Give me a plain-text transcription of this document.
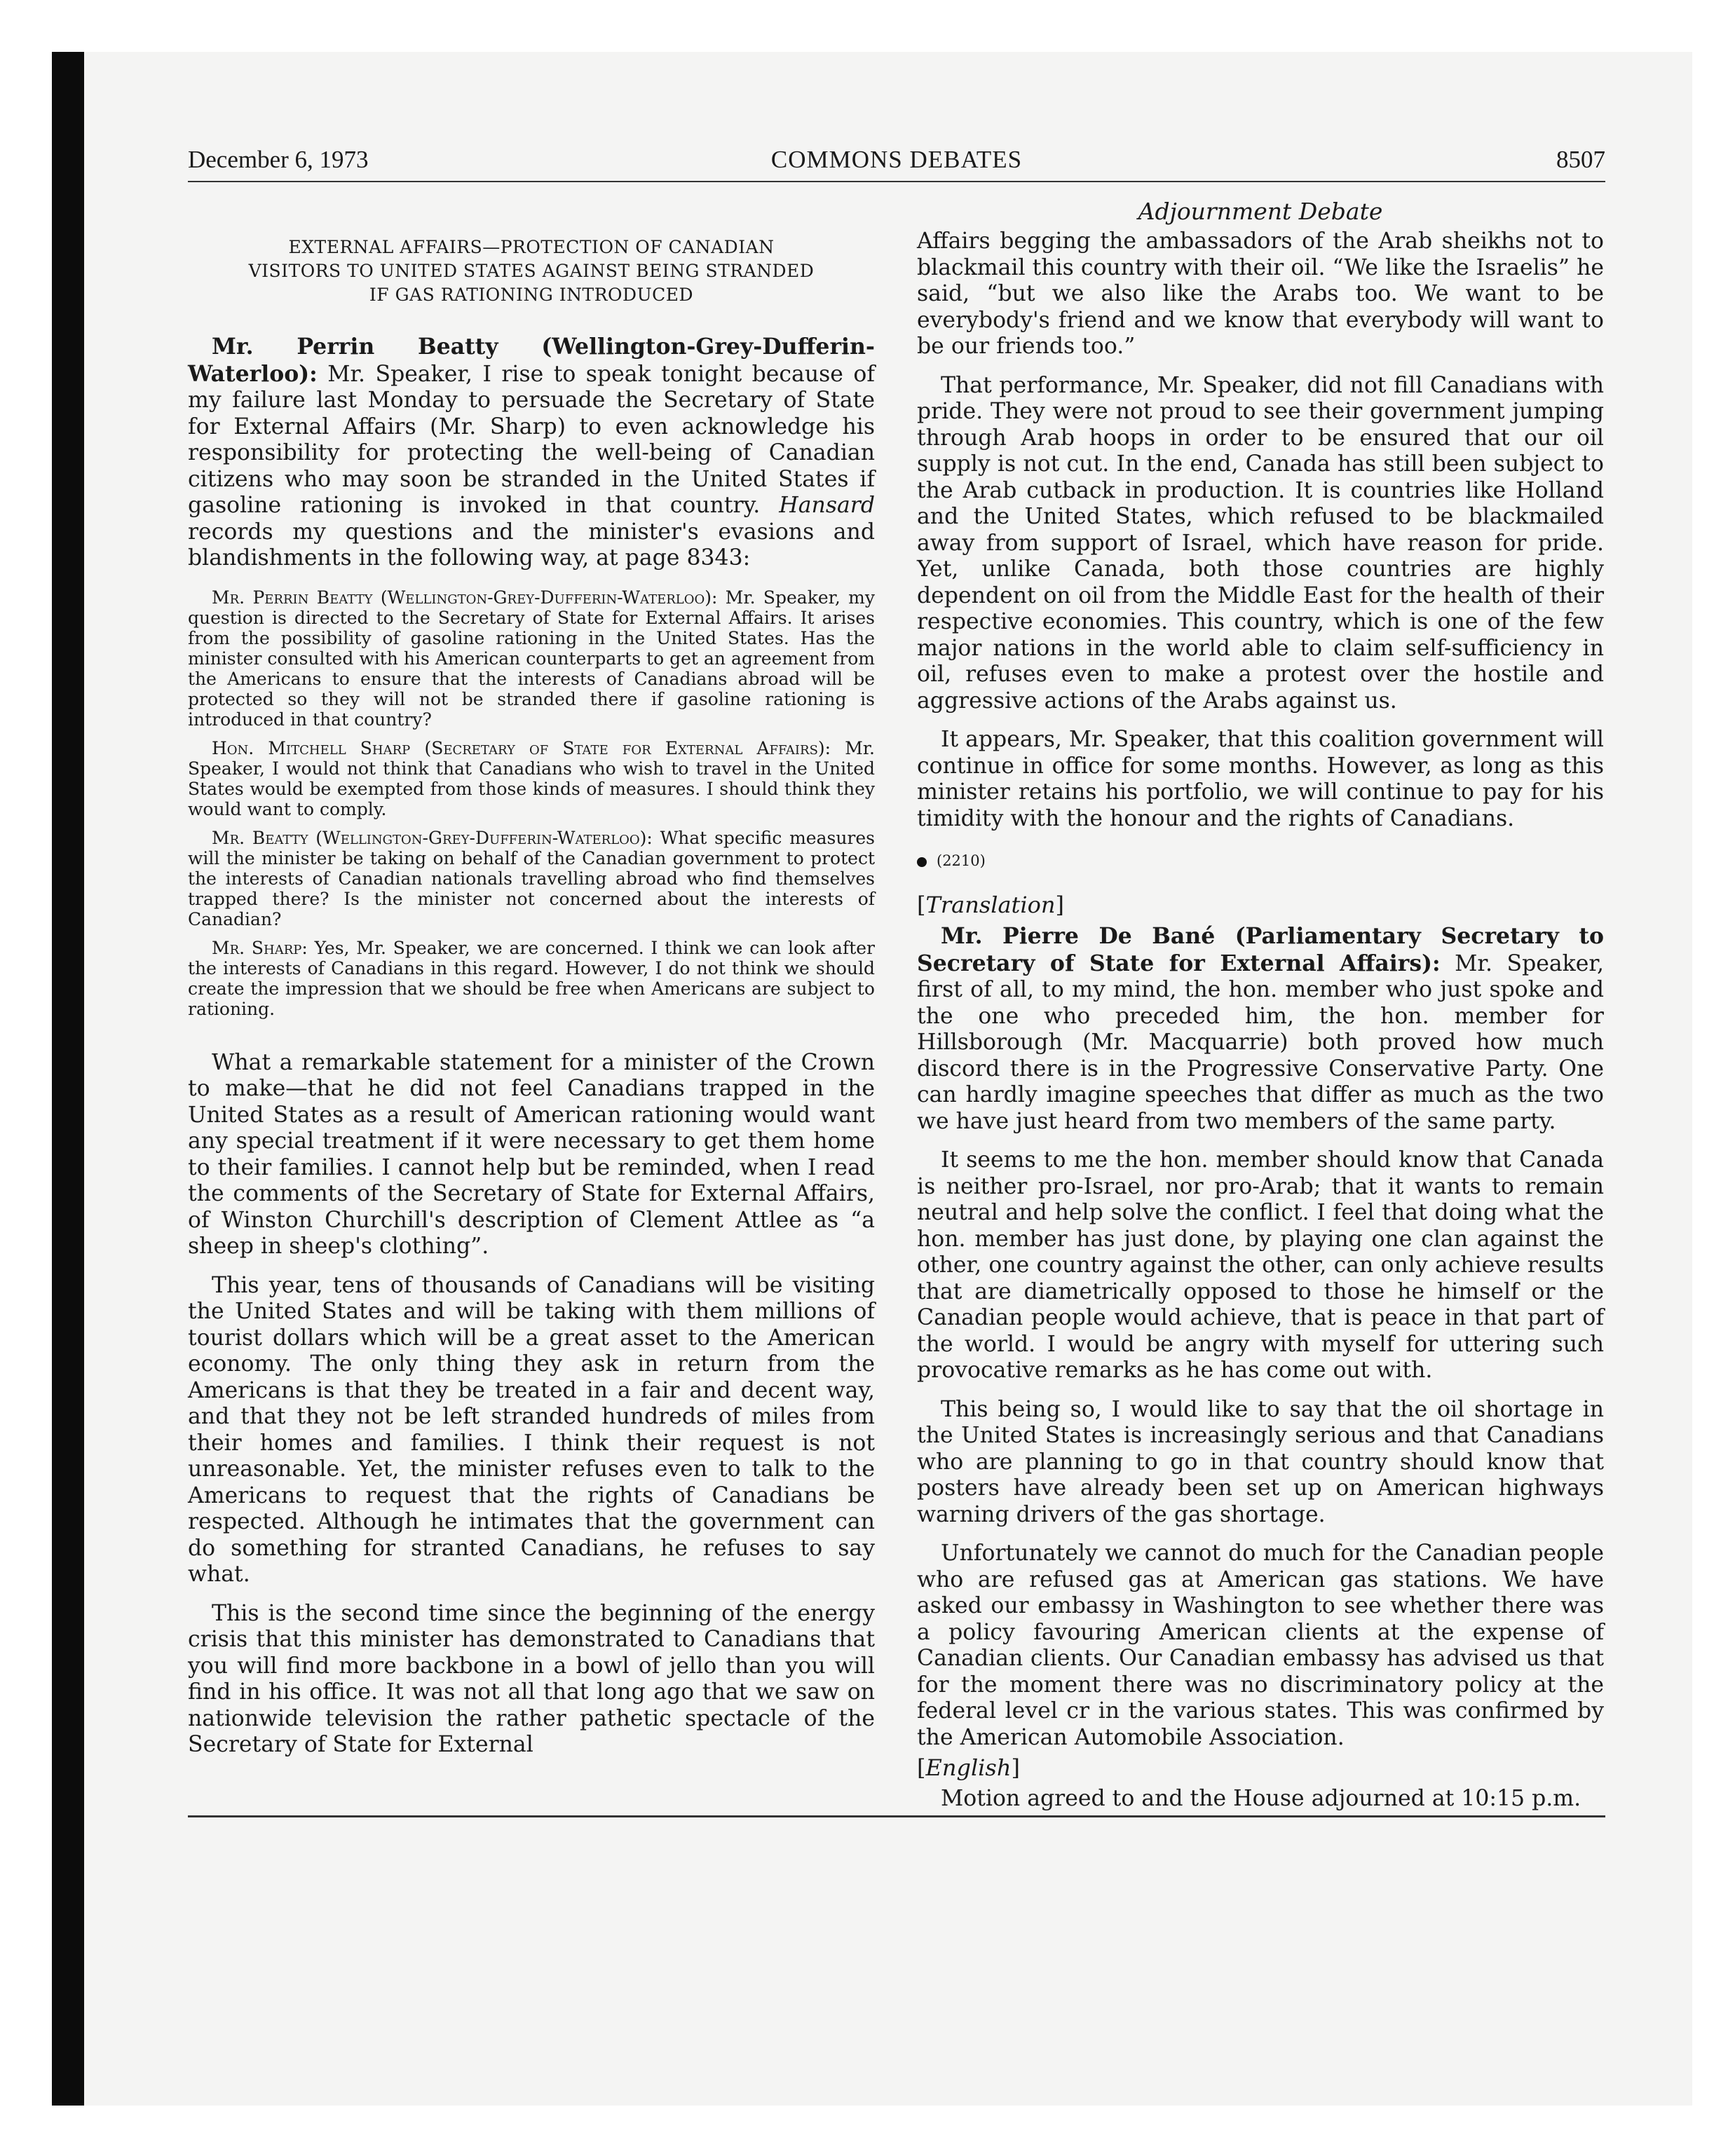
December 6, 1973	COMMONS DEBATES	8507
EXTERNAL AFFAIRS—PROTECTION OF CANADIAN
VISITORS TO UNITED STATES AGAINST BEING STRANDED
IF GAS RATIONING INTRODUCED

Mr. Perrin Beatty (Wellington-Grey-Dufferin-Waterloo): Mr. Speaker, I rise to speak tonight because of my failure last Monday to persuade the Secretary of State for External Affairs (Mr. Sharp) to even acknowledge his responsibility for protecting the well-being of Canadian citizens who may soon be stranded in the United States if gasoline rationing is invoked in that country. Hansard records my questions and the minister's evasions and blandishments in the following way, at page 8343:

Mr. Perrin Beatty (Wellington-Grey-Dufferin-Waterloo): Mr. Speaker, my question is directed to the Secretary of State for External Affairs. It arises from the possibility of gasoline rationing in the United States. Has the minister consulted with his American counterparts to get an agreement from the Americans to ensure that the interests of Canadians abroad will be protected so they will not be stranded there if gasoline rationing is introduced in that country?

Hon. Mitchell Sharp (Secretary of State for External Affairs): Mr. Speaker, I would not think that Canadians who wish to travel in the United States would be exempted from those kinds of measures. I should think they would want to comply.

Mr. Beatty (Wellington-Grey-Dufferin-Waterloo): What specific measures will the minister be taking on behalf of the Canadian government to protect the interests of Canadian nationals travelling abroad who find themselves trapped there? Is the minister not concerned about the interests of Canadian?

Mr. Sharp: Yes, Mr. Speaker, we are concerned. I think we can look after the interests of Canadians in this regard. However, I do not think we should create the impression that we should be free when Americans are subject to rationing.

What a remarkable statement for a minister of the Crown to make—that he did not feel Canadians trapped in the United States as a result of American rationing would want any special treatment if it were necessary to get them home to their families. I cannot help but be reminded, when I read the comments of the Secretary of State for External Affairs, of Winston Churchill's description of Clement Attlee as “a sheep in sheep's clothing”.

This year, tens of thousands of Canadians will be visiting the United States and will be taking with them millions of tourist dollars which will be a great asset to the American economy. The only thing they ask in return from the Americans is that they be treated in a fair and decent way, and that they not be left stranded hundreds of miles from their homes and families. I think their request is not unreasonable. Yet, the minister refuses even to talk to the Americans to request that the rights of Canadians be respected. Although he intimates that the government can do something for stranted Canadians, he refuses to say what.

This is the second time since the beginning of the energy crisis that this minister has demonstrated to Canadians that you will find more backbone in a bowl of jello than you will find in his office. It was not all that long ago that we saw on nationwide television the rather pathetic spectacle of the Secretary of State for External

Adjournment Debate

Affairs begging the ambassadors of the Arab sheikhs not to blackmail this country with their oil. “We like the Israelis” he said, “but we also like the Arabs too. We want to be everybody's friend and we know that everybody will want to be our friends too.”

That performance, Mr. Speaker, did not fill Canadians with pride. They were not proud to see their government jumping through Arab hoops in order to be ensured that our oil supply is not cut. In the end, Canada has still been subject to the Arab cutback in production. It is countries like Holland and the United States, which refused to be blackmailed away from support of Israel, which have reason for pride. Yet, unlike Canada, both those countries are highly dependent on oil from the Middle East for the health of their respective economies. This country, which is one of the few major nations in the world able to claim self-sufficiency in oil, refuses even to make a protest over the hostile and aggressive actions of the Arabs against us.

It appears, Mr. Speaker, that this coalition government will continue in office for some months. However, as long as this minister retains his portfolio, we will continue to pay for his timidity with the honour and the rights of Canadians.

(2210)
[Translation]

Mr. Pierre De Bané (Parliamentary Secretary to Secretary of State for External Affairs): Mr. Speaker, first of all, to my mind, the hon. member who just spoke and the one who preceded him, the hon. member for Hillsborough (Mr. Macquarrie) both proved how much discord there is in the Progressive Conservative Party. One can hardly imagine speeches that differ as much as the two we have just heard from two members of the same party.

It seems to me the hon. member should know that Canada is neither pro-Israel, nor pro-Arab; that it wants to remain neutral and help solve the conflict. I feel that doing what the hon. member has just done, by playing one clan against the other, one country against the other, can only achieve results that are diametrically opposed to those he himself or the Canadian people would achieve, that is peace in that part of the world. I would be angry with myself for uttering such provocative remarks as he has come out with.

This being so, I would like to say that the oil shortage in the United States is increasingly serious and that Canadians who are planning to go in that country should know that posters have already been set up on American highways warning drivers of the gas shortage.

Unfortunately we cannot do much for the Canadian people who are refused gas at American gas stations. We have asked our embassy in Washington to see whether there was a policy favouring American clients at the expense of Canadian clients. Our Canadian embassy has advised us that for the moment there was no discriminatory policy at the federal level cr in the various states. This was confirmed by the American Automobile Association.

[English]

Motion agreed to and the House adjourned at 10:15 p.m.
